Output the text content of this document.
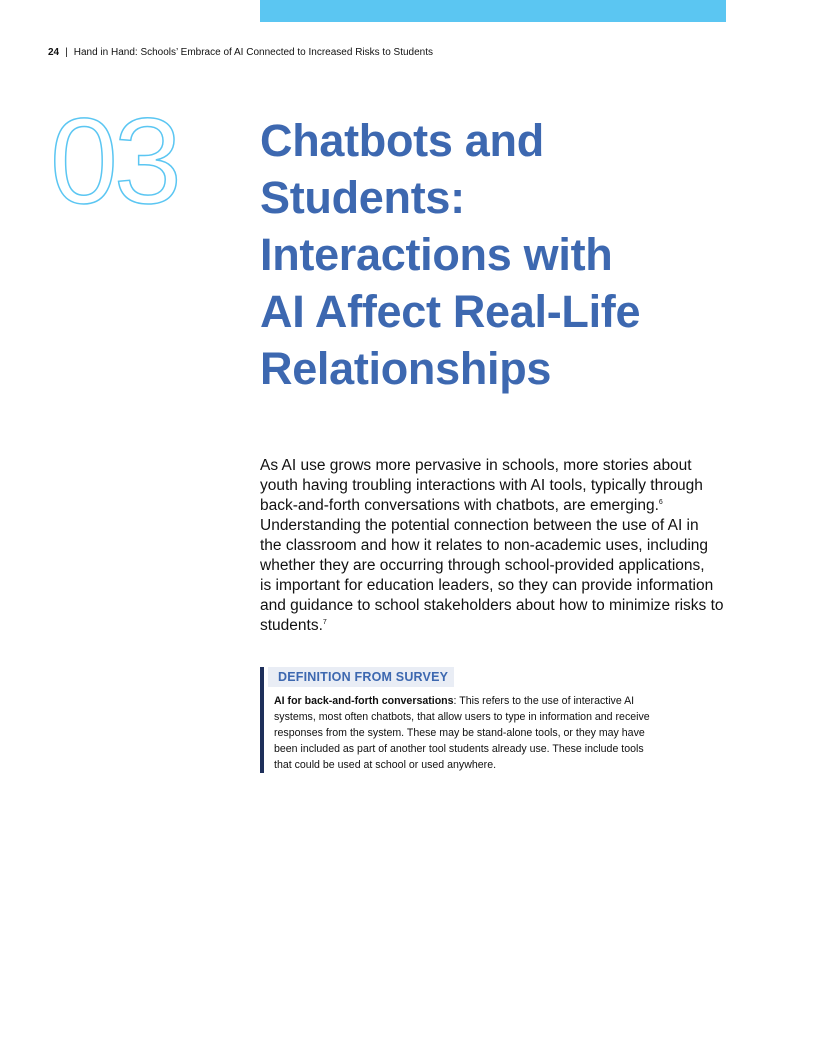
24 | Hand in Hand: Schools’ Embrace of AI Connected to Increased Risks to Students
03 Chatbots and
Students:
Interactions with
AI Affect Real-Life
Relationships

As AI use grows more pervasive in schools, more stories about
youth having troubling interactions with AI tools, typically through
back-and-forth conversations with chatbots, are emerging.$^6$
Understanding the potential connection between the use of AI in
the classroom and how it relates to non-academic uses, including
whether they are occurring through school-provided applications,
is important for education leaders, so they can provide information
and guidance to school stakeholders about how to minimize risks to
students.$^7$

DEFINITION FROM SURVEY

AI for back-and-forth conversations: This refers to the use of interactive AI
systems, most often chatbots, that allow users to type in information and receive
responses from the system. These may be stand-alone tools, or they may have
been included as part of another tool students already use. These include tools
that could be used at school or used anywhere.
